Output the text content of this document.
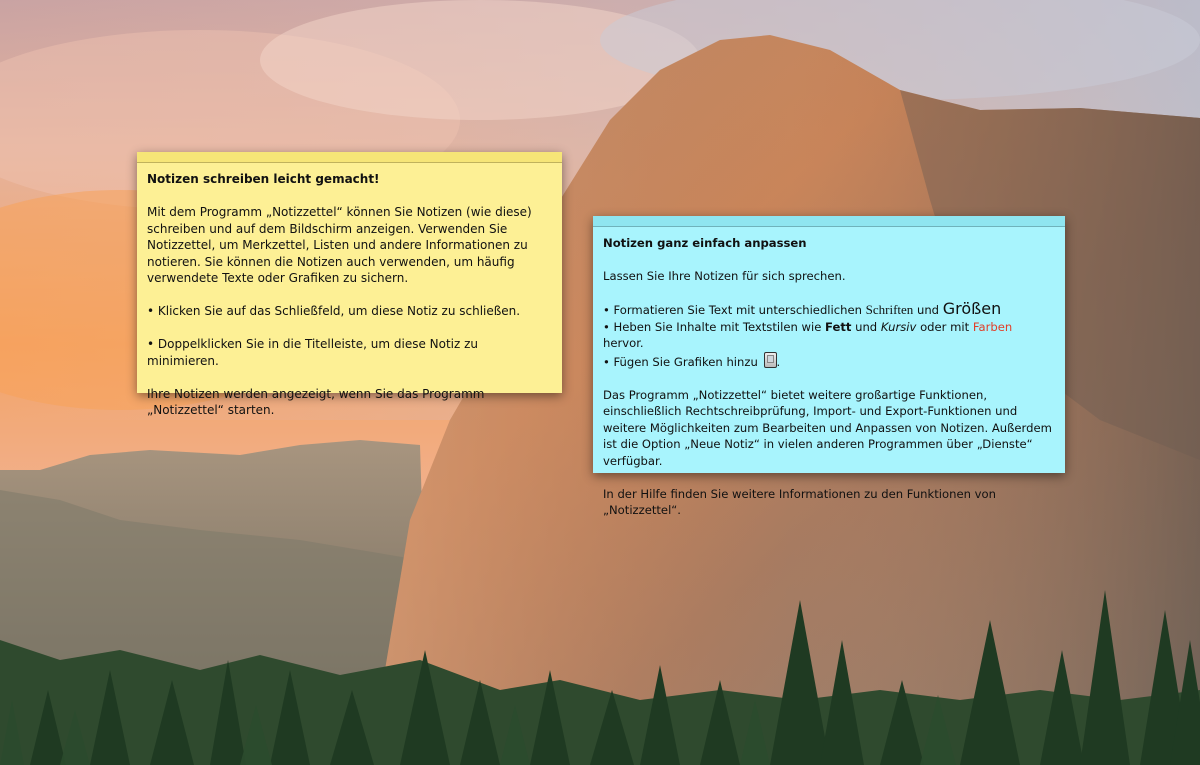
Notizen schreiben leicht gemacht!

Mit dem Programm „Notizzettel“ können Sie Notizen (wie diese) schreiben und auf dem Bildschirm anzeigen. Verwenden Sie Notizzettel, um Merkzettel, Listen und andere Informationen zu notieren. Sie können die Notizen auch verwenden, um häufig verwendete Texte oder Grafiken zu sichern.

• Klicken Sie auf das Schließfeld, um diese Notiz zu schließen.

• Doppelklicken Sie in die Titelleiste, um diese Notiz zu minimieren.

Ihre Notizen werden angezeigt, wenn Sie das Programm „Notizzettel“ starten.

Notizen ganz einfach anpassen

Lassen Sie Ihre Notizen für sich sprechen.

• Formatieren Sie Text mit unterschiedlichen Schriften und Größen
• Heben Sie Inhalte mit Textstilen wie Fett und Kursiv oder mit Farben hervor.
• Fügen Sie Grafiken hinzu .

Das Programm „Notizzettel“ bietet weitere großartige Funktionen, einschließlich Rechtschreibprüfung, Import- und Export-Funktionen und weitere Möglichkeiten zum Bearbeiten und Anpassen von Notizen. Außerdem ist die Option „Neue Notiz“ in vielen anderen Programmen über „Dienste“ verfügbar.

In der Hilfe finden Sie weitere Informationen zu den Funktionen von „Notizzettel“.
